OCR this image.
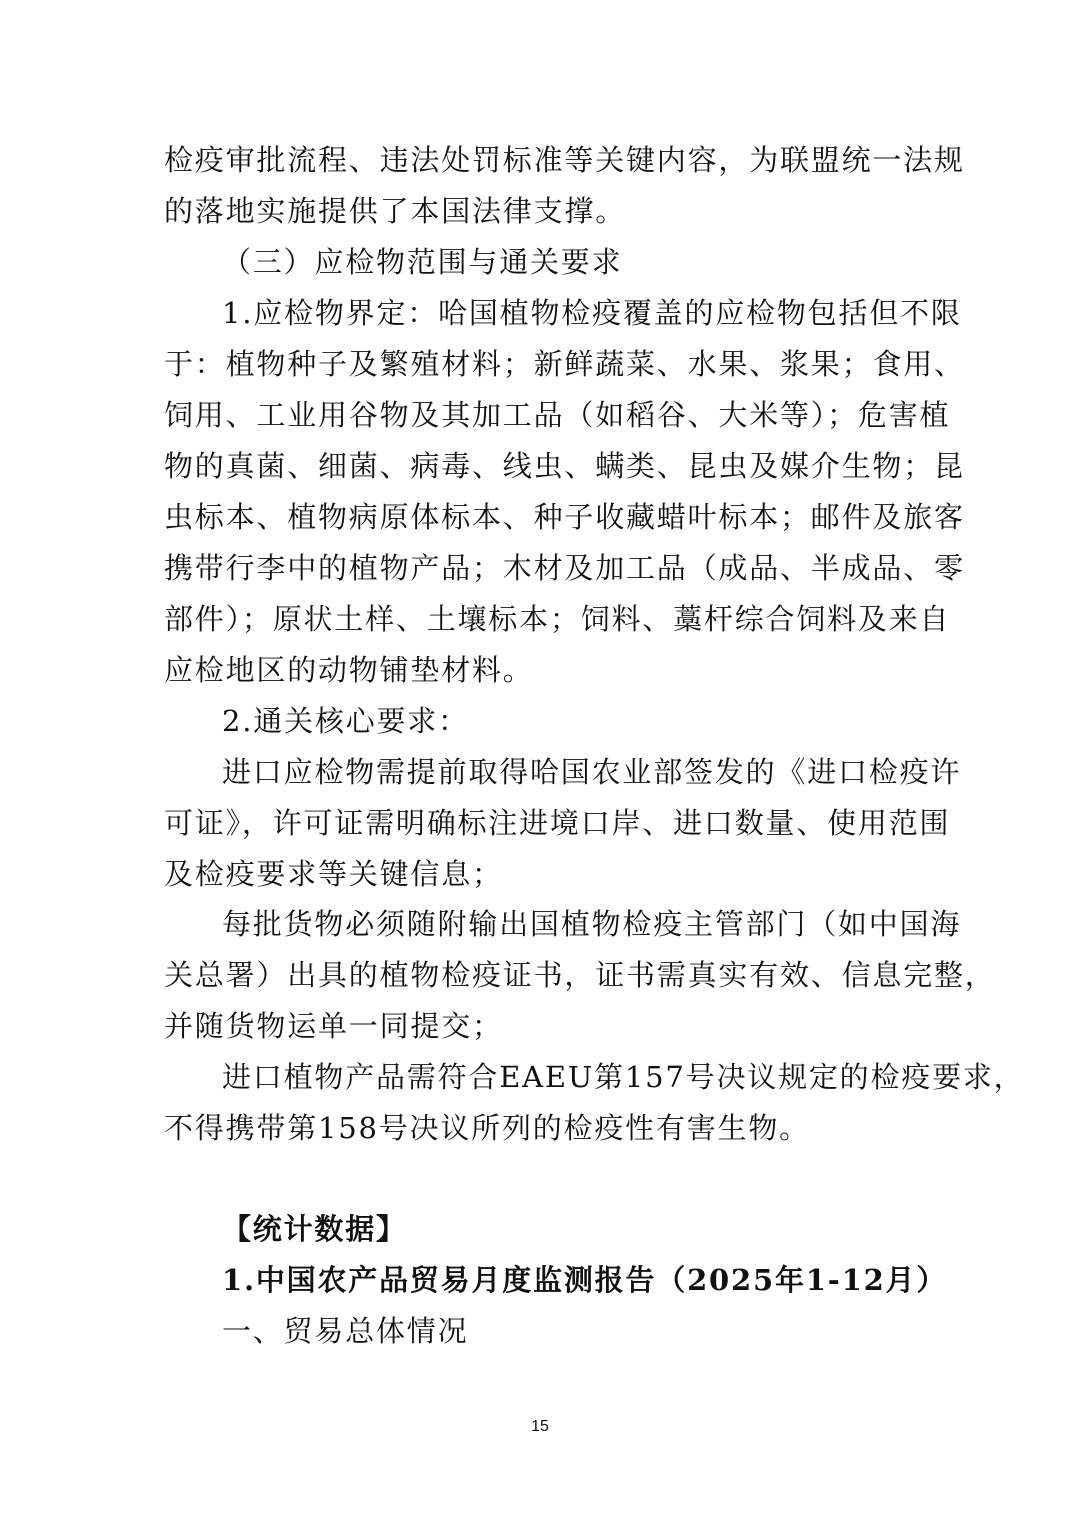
检疫审批流程、违法处罚标准等关键内容，为联盟统一法规
的落地实施提供了本国法律支撑。
（三）应检物范围与通关要求
1.应检物界定：哈国植物检疫覆盖的应检物包括但不限
于：植物种子及繁殖材料；新鲜蔬菜、水果、浆果；食用、
饲用、工业用谷物及其加工品（如稻谷、大米等）；危害植
物的真菌、细菌、病毒、线虫、螨类、昆虫及媒介生物；昆
虫标本、植物病原体标本、种子收藏蜡叶标本；邮件及旅客
携带行李中的植物产品；木材及加工品（成品、半成品、零
部件）；原状土样、土壤标本；饲料、藁杆综合饲料及来自
应检地区的动物铺垫材料。
2.通关核心要求：
进口应检物需提前取得哈国农业部签发的《进口检疫许
可证》，许可证需明确标注进境口岸、进口数量、使用范围
及检疫要求等关键信息；
每批货物必须随附输出国植物检疫主管部门（如中国海
关总署）出具的植物检疫证书，证书需真实有效、信息完整，
并随货物运单一同提交；
进口植物产品需符合EAEU第157号决议规定的检疫要求，
不得携带第158号决议所列的检疫性有害生物。
【统计数据】
1.中国农产品贸易月度监测报告（2025年1-12月）
一、贸易总体情况
15
